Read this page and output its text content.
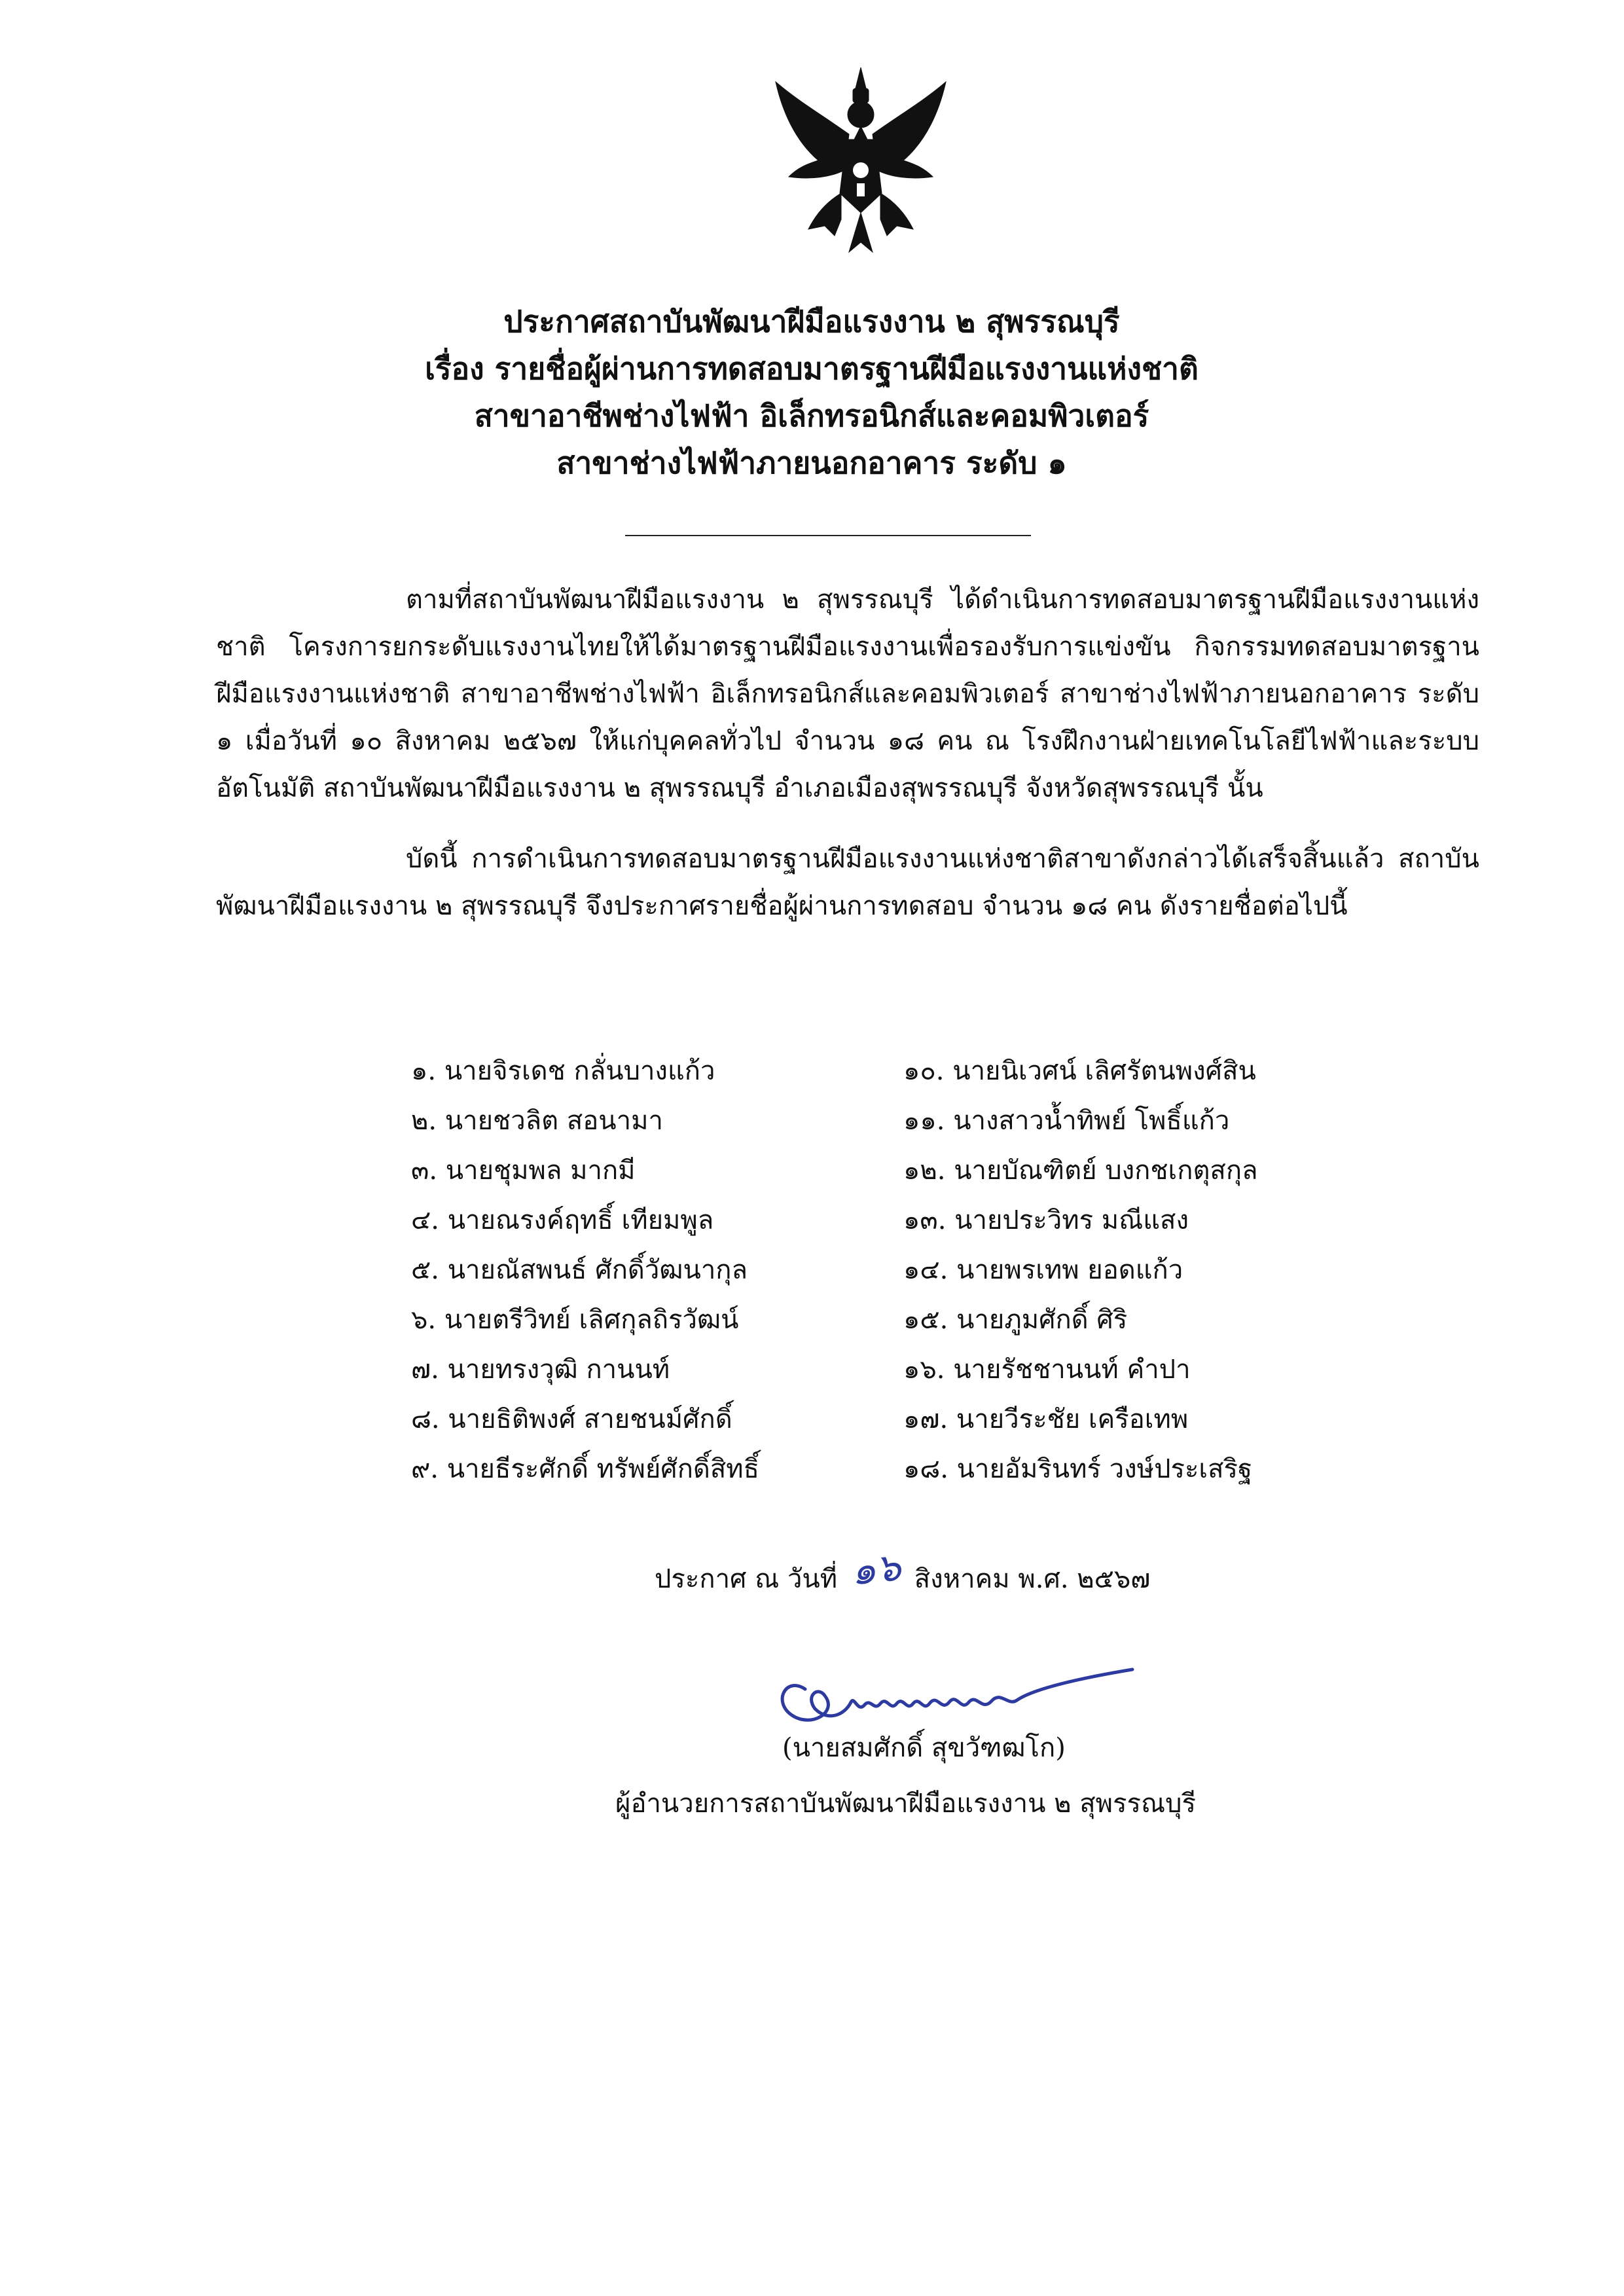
ประกาศสถาบันพัฒนาฝีมือแรงงาน ๒ สุพรรณบุรี
เรื่อง รายชื่อผู้ผ่านการทดสอบมาตรฐานฝีมือแรงงานแห่งชาติ
สาขาอาชีพช่างไฟฟ้า อิเล็กทรอนิกส์และคอมพิวเตอร์
สาขาช่างไฟฟ้าภายนอกอาคาร ระดับ ๑

ตามที่สถาบันพัฒนาฝีมือแรงงาน ๒ สุพรรณบุรี ได้ดำเนินการทดสอบมาตรฐานฝีมือแรงงานแห่งชาติ โครงการยกระดับแรงงานไทยให้ได้มาตรฐานฝีมือแรงงานเพื่อรองรับการแข่งขัน กิจกรรมทดสอบมาตรฐานฝีมือแรงงานแห่งชาติ สาขาอาชีพช่างไฟฟ้า อิเล็กทรอนิกส์และคอมพิวเตอร์ สาขาช่างไฟฟ้าภายนอกอาคาร ระดับ ๑ เมื่อวันที่ ๑๐ สิงหาคม ๒๕๖๗ ให้แก่บุคคลทั่วไป จำนวน ๑๘ คน ณ โรงฝึกงานฝ่ายเทคโนโลยีไฟฟ้าและระบบอัตโนมัติ สถาบันพัฒนาฝีมือแรงงาน ๒ สุพรรณบุรี อำเภอเมืองสุพรรณบุรี จังหวัดสุพรรณบุรี นั้น

บัดนี้ การดำเนินการทดสอบมาตรฐานฝีมือแรงงานแห่งชาติสาขาดังกล่าวได้เสร็จสิ้นแล้ว สถาบันพัฒนาฝีมือแรงงาน ๒ สุพรรณบุรี จึงประกาศรายชื่อผู้ผ่านการทดสอบ จำนวน ๑๘ คน ดังรายชื่อต่อไปนี้

๑. นายจิรเดช กลั่นบางแก้ว
๒. นายชวลิต สอนามา
๓. นายชุมพล มากมี
๔. นายณรงค์ฤทธิ์ เทียมพูล
๕. นายณัสพนธ์ ศักดิ์วัฒนากุล
๖. นายตรีวิทย์ เลิศกุลถิรวัฒน์
๗. นายทรงวุฒิ กานนท์
๘. นายธิติพงศ์ สายชนม์ศักดิ์
๙. นายธีระศักดิ์ ทรัพย์ศักดิ์สิทธิ์
๑๐. นายนิเวศน์ เลิศรัตนพงศ์สิน
๑๑. นางสาวน้ำทิพย์ โพธิ์แก้ว
๑๒. นายบัณฑิตย์ บงกชเกตุสกุล
๑๓. นายประวิทร มณีแสง
๑๔. นายพรเทพ ยอดแก้ว
๑๕. นายภูมศักดิ์ ศิริ
๑๖. นายรัชชานนท์ คำปา
๑๗. นายวีระชัย เครือเทพ
๑๘. นายอัมรินทร์ วงษ์ประเสริฐ
ประกาศ ณ วันที่ ๑๖ สิงหาคม พ.ศ. ๒๕๖๗
(นายสมศักดิ์ สุขวัฑฒโก)
ผู้อำนวยการสถาบันพัฒนาฝีมือแรงงาน ๒ สุพรรณบุรี
